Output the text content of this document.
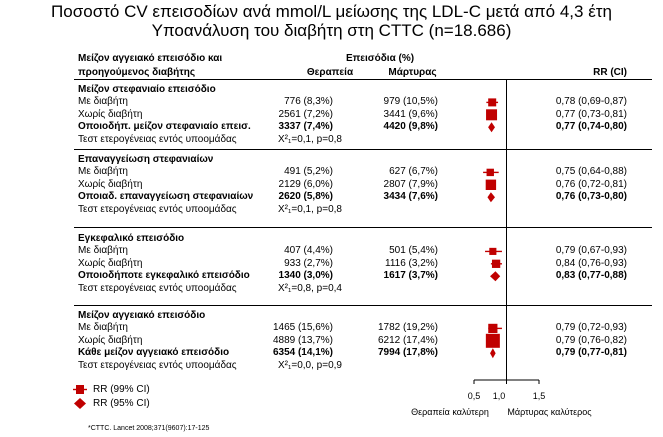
Ποσοστό CV επεισοδίων ανά mmol/L μείωσης της LDL-C μετά από 4,3 έτη
Υποανάλυση του διαβήτη στη CTTC (n=18.686)
Μείζον αγγειακό επεισόδιο και
προηγούμενος διαβήτης
Επεισόδια (%)
Θεραπεία	Μάρτυρας	RR (CI)
Μείζον στεφανιαίο επεισόδιο
Με διαβήτη	776 (8,3%)	979 (10,5%)	0,78 (0,69-0,87)
Χωρίς διαβήτη	2561 (7,2%)	3441 (9,6%)	0,77 (0,73-0,81)
Οποιοδήπ. μείζον στεφανιαίο επεισ.	3337 (7,4%)	4420 (9,8%)	0,77 (0,74-0,80)
Τεστ ετερογένειας εντός υποομάδας	X²₁=0,1, p=0,8
Επαναγγείωση στεφανιαίων
Με διαβήτη	491 (5,2%)	627 (6,7%)	0,75 (0,64-0,88)
Χωρίς διαβήτη	2129 (6,0%)	2807 (7,9%)	0,76 (0,72-0,81)
Οποιαδ. επαναγγείωση στεφανιαίων	2620 (5,8%)	3434 (7,6%)	0,76 (0,73-0,80)
Τεστ ετερογένειας εντός υποομάδας	X²₁=0,1, p=0,8
Εγκεφαλικό επεισόδιο
Με διαβήτη	407 (4,4%)	501 (5,4%)	0,79 (0,67-0,93)
Χωρίς διαβήτη	933 (2,7%)	1116 (3,2%)	0,84 (0,76-0,93)
Οποιοδήποτε εγκεφαλικό επεισόδιο	1340 (3,0%)	1617 (3,7%)	0,83 (0,77-0,88)
Τεστ ετερογένειας εντός υποομάδας	X²₁=0,8, p=0,4
Μείζον αγγειακό επεισόδιο
Με διαβήτη	1465 (15,6%)	1782 (19,2%)	0,79 (0,72-0,93)
Χωρίς διαβήτη	4889 (13,7%)	6212 (17,4%)	0,79 (0,76-0,82)
Κάθε μείζον αγγειακό επεισόδιο	6354 (14,1%)	7994 (17,8%)	0,79 (0,77-0,81)
Τεστ ετερογένειας εντός υποομάδας	X²₁=0,0, p=0,9
0,5	1,0	1,5
Θεραπεία καλύτερη	Μάρτυρας καλύτερος
RR (99% CI)
RR (95% CI)
*CTTC. Lancet 2008;371(9607):17-125
